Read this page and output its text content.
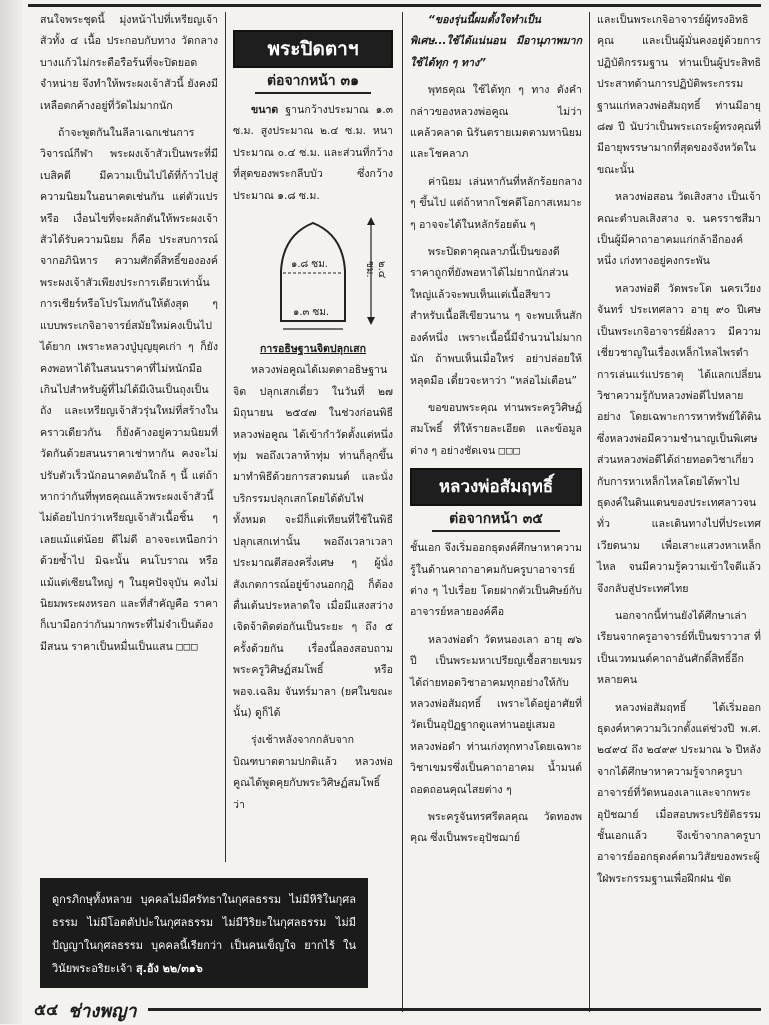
สนใจพระชุดนี้ มุ่งหน้าไปที่เหรียญเจ้าสัวทั้ง ๔ เนื้อ ประกอบกับทาง วัดกลางบางแก้วไม่กระตือรือร้นที่จะปิดยอดจำหน่าย จึงทำให้พระผงเจ้าสัวนี้ ยังคงมีเหลือตกค้างอยู่ที่วัดไม่มากนัก

ถ้าจะพูดกันในลีลาเฉกเช่นการวิจารณ์กีฬา พระผงเจ้าสัวเป็นพระที่มีเบสิคดี มีความเป็นไปได้ที่ก้าวไปสู่ความนิยมในอนาคตเช่นกัน แต่ตัวแปร หรือ เงื่อนไขที่จะผลักดันให้พระผงเจ้าสัวได้รับความนิยม ก็คือ ประสบการณ์จากอภินิหาร ความศักดิ์สิทธิ์ขององค์พระผงเจ้าสัวเพียงประการเดียวเท่านั้น การเชียร์หรือโปรโมทกันให้ดังสุด ๆ แบบพระเกจิอาจารย์สมัยใหม่คงเป็นไปได้ยาก เพราะหลวงปู่บุญยุคเก่า ๆ ก็ยังคงพอหาได้ในสนนราคาที่ไม่หนักมือเกินไปสำหรับผู้ที่ไม่ได้มีเงินเป็นถุงเป็นถัง และเหรียญเจ้าสัวรุ่นใหม่ที่สร้างในคราวเดียวกัน ก็ยังค้างอยู่ความนิยมที่วัดกันด้วยสนนราคาเช่าหากัน คงจะไม่ปรับตัวเร็วนักอนาคตอันใกล้ ๆ นี้ แต่ถ้าหากว่ากันที่พุทธคุณแล้วพระผงเจ้าสัวนี้ ไม่ด้อยไปกว่าเหรียญเจ้าสัวเนื้อชิ้น ๆ เลยแม้แต่น้อย ดีไม่ดี อาจจะเหนือกว่าด้วยซ้ำไป มิฉะนั้น คนโบราณ หรือแม้แต่เซียนใหญ่ ๆ ในยุคปัจจุบัน คงไม่นิยมพระผงหรอก และที่สำคัญคือ ราคาก็เบามือกว่ากันมากพระที่ไม่จำเป็นต้องมีสนน ราคาเป็นหมื่นเป็นแสน □□□

พระปิดตาฯ
ต่อจากหน้า ๓๑

ขนาด ฐานกว้างประมาณ ๑.๓ ซ.ม. สูงประมาณ ๒.๔ ซ.ม. หนาประมาณ ๐.๔ ซ.ม. และส่วนที่กว้างที่สุดของพระกลีบบัว ซึ่งกว้างประมาณ ๑.๘ ซ.ม.

๑.๘ ซม.	๒.๔ ซม.
๑.๓ ซม.
การอธิษฐานจิตปลุกเสก

หลวงพ่อคูณได้เมตตาอธิษฐานจิต ปลุกเสกเดี่ยว ในวันที่ ๒๗ มิถุนายน ๒๕๔๗ ในช่วงก่อนพิธีหลวงพ่อคูณ ได้เข้ากำวัดตั้งแต่หนึ่งทุ่ม พอถึงเวลาห้าทุ่ม ท่านก็ลุกขึ้นมาทำพิธีด้วยการสวดมนต์ และนั่งบริกรรมปลุกเสกโดยได้ดับไฟทั้งหมด จะมีก็แต่เทียนที่ใช้ในพิธีปลุกเสกเท่านั้น พอถึงเวลาเวลาประมาณตีสองครึ่งเศษ ๆ ผู้นั่งสังเกตการณ์อยู่ข้างนอกกุฏิ ก็ต้องตื่นเต้นประหลาดใจ เมื่อมีแสงสว่างเจิดจ้าติดต่อกันเป็นระยะ ๆ ถึง ๕ ครั้งด้วยกัน เรื่องนี้ลองสอบถาม พระครูวิศิษฏ์สมโพธิ์ หรือ พอจ.เฉลิม จันทร์มาลา (ยศในขณะนั้น) ดูก็ได้

รุ่งเช้าหลังจากกลับจากบิณฑบาตตามปกติแล้ว หลวงพ่อคูณได้พูดคุยกับพระวิศิษฏ์สมโพธิ์ ว่า

“ของรุ่นนี้ผมตั้งใจทำเป็นพิเศษ...ใช้ได้แน่นอน มีอานุภาพมาก ใช้ได้ทุก ๆ ทาง”

พุทธคุณ ใช้ได้ทุก ๆ ทาง ดังคำกล่าวของหลวงพ่อคูณ ไม่ว่าแคล้วคลาด นิรันตรายเมตตามหานิยม และโชคลาภ

ค่านิยม เล่นหากันที่หลักร้อยกลาง ๆ ขึ้นไป แต่ถ้าหากโชคดีโอกาสเหมาะ ๆ อาจจะได้ในหลักร้อยต้น ๆ

พระปิดตาคุณลาภนี้เป็นของดีราคาถูกที่ยังพอหาได้ไม่ยากนักส่วนใหญ่แล้วจะพบเห็นแต่เนื้อสีขาว สำหรับเนื้อสีเขียวนาน ๆ จะพบเห็นสักองค์หนึ่ง เพราะเนื้อนี้มีจำนวนไม่มากนัก ถ้าพบเห็นเมื่อใหร่ อย่าปล่อยให้หลุดมือ เดี๋ยวจะหาว่า “หล่อไม่เตือน”

ขอขอบพระคุณ ท่านพระครูวิศิษฏ์สมโพธิ์ ที่ให้รายละเอียด และข้อมูลต่าง ๆ อย่างชัดเจน □□□

หลวงพ่อสัมฤทธิ์
ต่อจากหน้า ๓๕

ชั้นเอก จึงเริ่มออกธุดงค์ศึกษาหาความรู้ในด้านคาถาอาคมกับครูบาอาจารย์ต่าง ๆ ไปเรื่อย โดยฝากตัวเป็นศิษย์กับอาจารย์หลายองค์คือ

หลวงพ่อดำ วัดหนองเลา อายุ ๗๖ ปี เป็นพระมหาเปรียญเชื้อสายเขมร ได้ถ่ายทอดวิชาอาคมทุกอย่างให้กับหลวงพ่อสัมฤทธิ์ เพราะได้อยู่อาศัยที่วัดเป็นอุปัฏฐากดูแลท่านอยู่เสมอ หลวงพ่อดำ ท่านเก่งทุกทางโดยเฉพาะวิชาเขมรซึ่งเป็นคาถาอาคม น้ำมนต์ ถอดถอนคุณไสยต่าง ๆ

พระครูจันทรศรีตลคุณ วัดทองพคุณ ซึ่งเป็นพระอุปัชฌาย์

และเป็นพระเกจิอาจารย์ผู้ทรงอิทธิคุณ และเป็นผู้มั่นคงอยู่ด้วยการปฏิบัติกรรมฐาน ท่านเป็นผู้ประสิทธิประสาทด้านการปฏิบัติพระกรรมฐานแก่หลวงพ่อสัมฤทธิ์ ท่านมีอายุ ๘๗ ปี นับว่าเป็นพระเถระผู้ทรงคุณที่มีอายุพรรษามากที่สุดของจังหวัดในขณะนั้น

หลวงพ่อสอน วัดเสิงสาง เป็นเจ้าคณะตำบลเสิงสาง จ. นครราชสีมา เป็นผู้มีคาถาอาคมแก่กล้าอีกองค์หนึ่ง เก่งทางอยู่คงกระพัน

หลวงพ่อดี วัดพระโต นครเวียงจันทร์ ประเทศลาว อายุ ๙๐ ปีเศษ เป็นพระเกจิอาจารย์ฝั่งลาว มีความเชี่ยวชาญในเรื่องเหล็กไหลไพรดำ การเล่นแร่แปรธาตุ ได้แลกเปลี่ยนวิชาความรู้กับหลวงพ่อดีไปหลายอย่าง โดยเฉพาะการหาทรัพย์ใต้ดิน ซึ่งหลวงพ่อมีความชำนาญเป็นพิเศษ ส่วนหลวงพ่อดีได้ถ่ายทอดวิชาเกี่ยวกับการหาเหล็กไหลโดยได้พาไปธุดงค์ในดินแดนของประเทศลาวจนทั่ว และเดินทางไปที่ประเทศเวียดนาม เพื่อเสาะแสวงหาเหล็กไหล จนมีความรู้ความเข้าใจดีแล้วจึงกลับสู่ประเทศไทย

นอกจากนี้ท่านยังได้ศึกษาเล่าเรียนจากครูอาจารย์ที่เป็นฆราวาส ที่เป็นเวทมนต์คาถาอันศักดิ์สิทธิ์อีกหลายคน

หลวงพ่อสัมฤทธิ์ ได้เริ่มออกธุดงค์หาความวิเวกตั้งแต่ช่วงปี พ.ศ. ๒๔๙๔ ถึง ๒๔๙๙ ประมาณ ๖ ปีหลังจากได้ศึกษาหาความรู้จากครูบาอาจารย์ที่วัดหนองเลาและจากพระอุปัชฌาย์ เมื่อสอบพระปริยัติธรรมชั้นเอกแล้ว จึงเข้าจากลาครูบาอาจารย์ออกธุดงค์ตามวิสัยของพระผู้ใฝ่พระกรรมฐานเพื่อฝึกฝน ขัด

ดูกรภิกษุทั้งหลาย บุคคลไม่มีศรัทธาในกุศลธรรม ไม่มีหิริในกุศลธรรม ไม่มีโอตตัปปะในกุศลธรรม ไม่มีวิริยะในกุศลธรรม ไม่มีปัญญาในกุศลธรรม บุคคลนี้เรียกว่า เป็นคนเข็ญใจ ยากไร้ ในวินัยพระอริยะเจ้า สุ.อัง ๒๒/๓๑๖
๕๔ ช่างพญา
